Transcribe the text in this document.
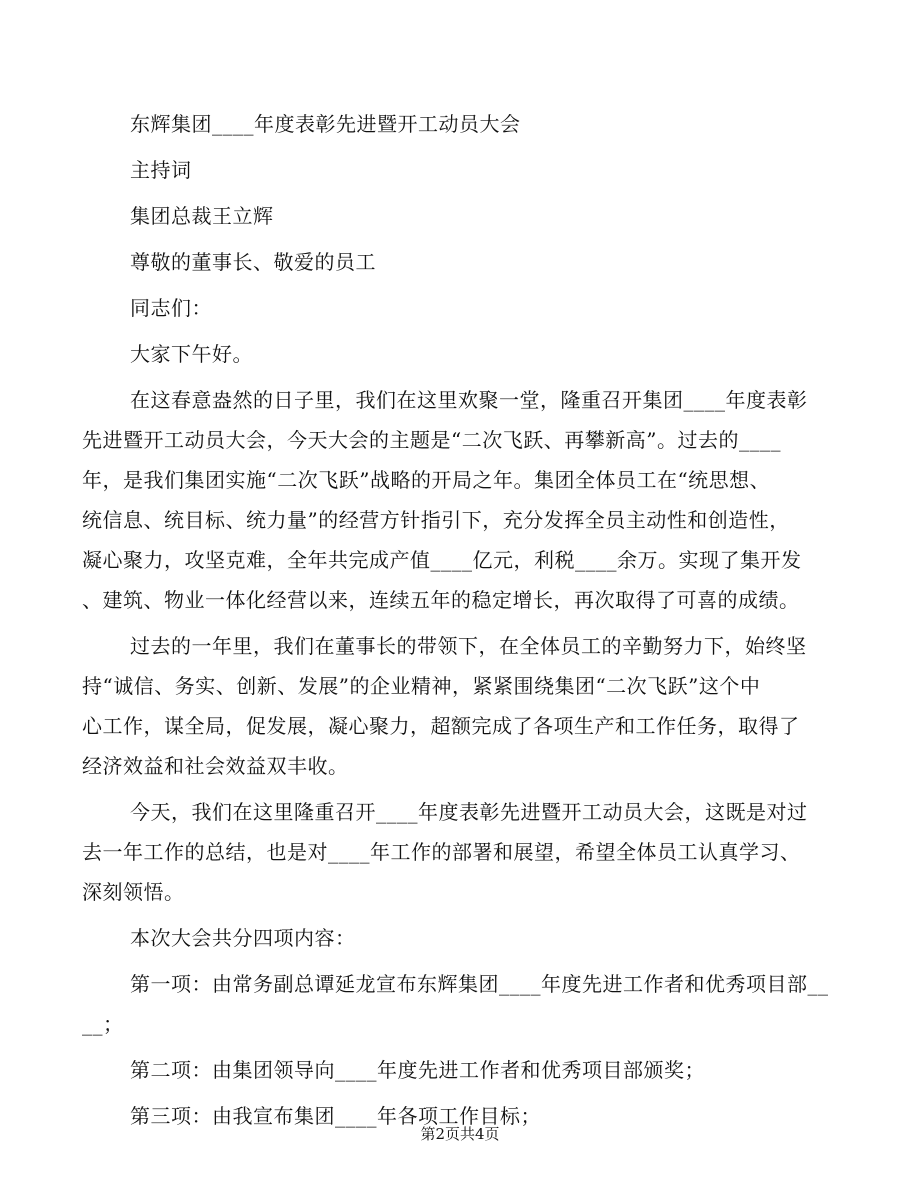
东辉集团____年度表彰先进暨开工动员大会
主持词
集团总裁王立辉
尊敬的董事长、敬爱的员工
同志们：
大家下午好。
在这春意盎然的日子里，我们在这里欢聚一堂，隆重召开集团____年度表彰
先进暨开工动员大会，今天大会的主题是“二次飞跃、再攀新高”。过去的____
年，是我们集团实施“二次飞跃”战略的开局之年。集团全体员工在“统思想、
统信息、统目标、统力量”的经营方针指引下，充分发挥全员主动性和创造性，
凝心聚力，攻坚克难，全年共完成产值____亿元，利税____余万。实现了集开发
、建筑、物业一体化经营以来，连续五年的稳定增长，再次取得了可喜的成绩。
过去的一年里，我们在董事长的带领下，在全体员工的辛勤努力下，始终坚
持“诚信、务实、创新、发展”的企业精神，紧紧围绕集团“二次飞跃”这个中
心工作，谋全局，促发展，凝心聚力，超额完成了各项生产和工作任务，取得了
经济效益和社会效益双丰收。
今天，我们在这里隆重召开____年度表彰先进暨开工动员大会，这既是对过
去一年工作的总结，也是对____年工作的部署和展望，希望全体员工认真学习、
深刻领悟。
本次大会共分四项内容：
第一项：由常务副总谭延龙宣布东辉集团____年度先进工作者和优秀项目部__
__；
第二项：由集团领导向____年度先进工作者和优秀项目部颁奖；
第三项：由我宣布集团____年各项工作目标；
第2页共4页
